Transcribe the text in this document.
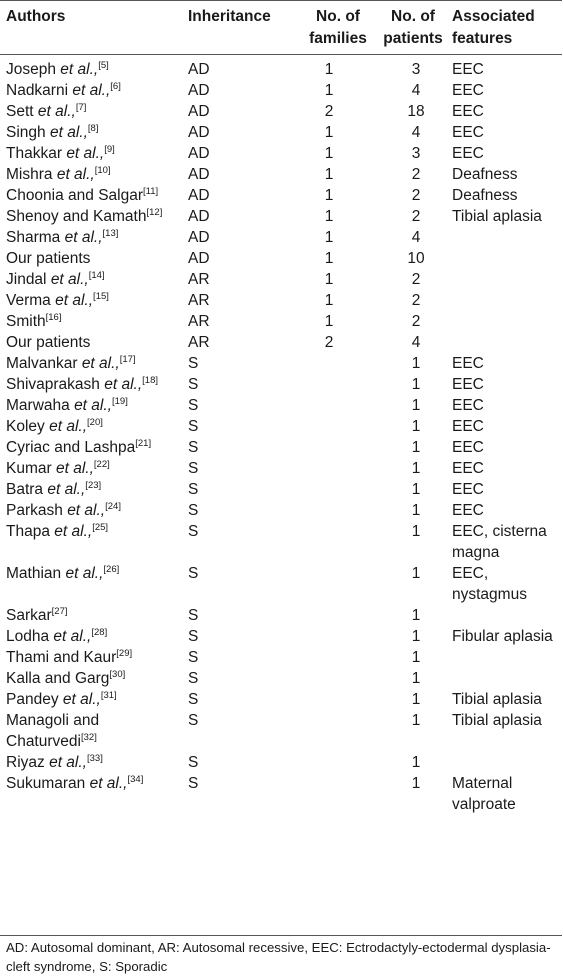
Authors	Inheritance	No. of families	No. of patients	Associated features
Joseph et al.,[5]	AD	1	3	EEC
Nadkarni et al.,[6]	AD	1	4	EEC
Sett et al.,[7]	AD	2	18	EEC
Singh et al.,[8]	AD	1	4	EEC
Thakkar et al.,[9]	AD	1	3	EEC
Mishra et al.,[10]	AD	1	2	Deafness
Choonia and Salgar[11]	AD	1	2	Deafness
Shenoy and Kamath[12]	AD	1	2	Tibial aplasia
Sharma et al.,[13]	AD	1	4	
Our patients	AD	1	10	
Jindal et al.,[14]	AR	1	2	
Verma et al.,[15]	AR	1	2	
Smith[16]	AR	1	2	
Our patients	AR	2	4	
Malvankar et al.,[17]	S		1	EEC
Shivaprakash et al.,[18]	S		1	EEC
Marwaha et al.,[19]	S		1	EEC
Koley et al.,[20]	S		1	EEC
Cyriac and Lashpa[21]	S		1	EEC
Kumar et al.,[22]	S		1	EEC
Batra et al.,[23]	S		1	EEC
Parkash et al.,[24]	S		1	EEC
Thapa et al.,[25]	S		1	EEC, cisterna magna
Mathian et al.,[26]	S		1	EEC, nystagmus
Sarkar[27]	S		1	
Lodha et al.,[28]	S		1	Fibular aplasia
Thami and Kaur[29]	S		1	
Kalla and Garg[30]	S		1	
Pandey et al.,[31]	S		1	Tibial aplasia
Managoli and Chaturvedi[32]	S		1	Tibial aplasia
Riyaz et al.,[33]	S		1	
Sukumaran et al.,[34]	S		1	Maternal valproate
AD: Autosomal dominant, AR: Autosomal recessive, EEC: Ectrodactyly-ectodermal dysplasia-cleft syndrome, S: Sporadic
